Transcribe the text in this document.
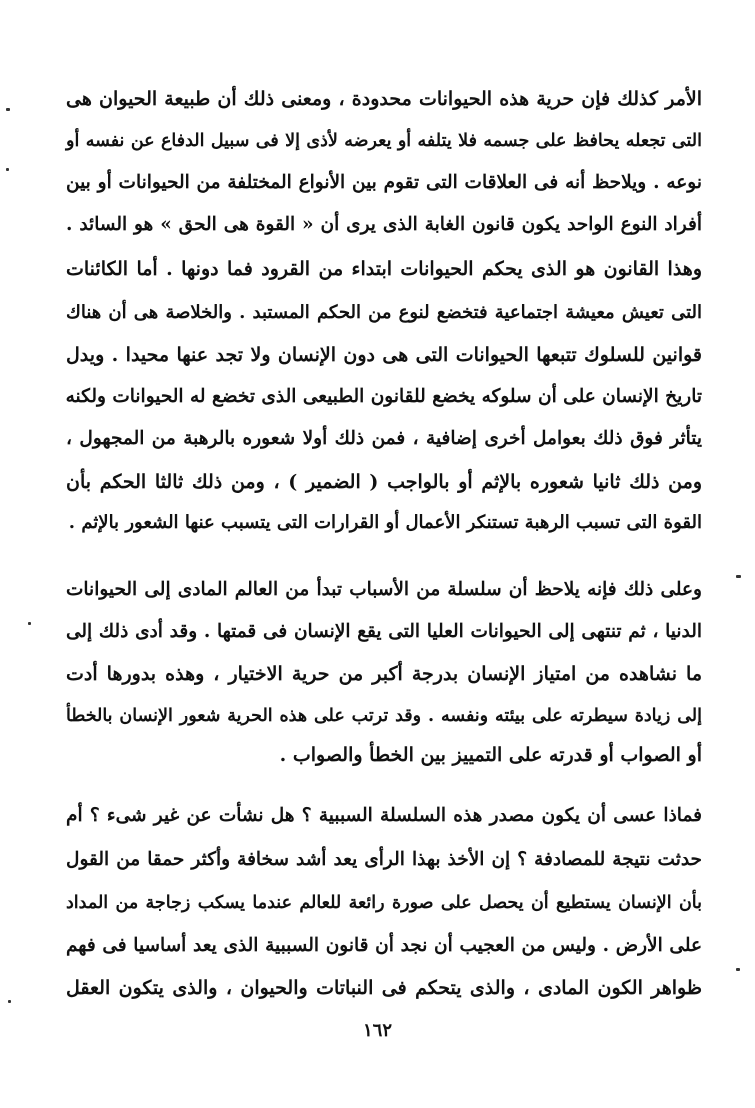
الأمر كذلك فإن حرية هذه الحيوانات محدودة ، ومعنى ذلك أن طبيعة الحيوان هى
التى تجعله يحافظ على جسمه فلا يتلفه أو يعرضه لأذى إلا فى سبيل الدفاع عن نفسه أو
نوعه . ويلاحظ أنه فى العلاقات التى تقوم بين الأنواع المختلفة من الحيوانات أو بين
أفراد النوع الواحد يكون قانون الغابة الذى يرى أن « القوة هى الحق » هو السائد .
وهذا القانون هو الذى يحكم الحيوانات ابتداء من القرود فما دونها . أما الكائنات
التى تعيش معيشة اجتماعية فتخضع لنوع من الحكم المستبد . والخلاصة هى أن هناك
قوانين للسلوك تتبعها الحيوانات التى هى دون الإنسان ولا تجد عنها محيدا . ويدل
تاريخ الإنسان على أن سلوكه يخضع للقانون الطبيعى الذى تخضع له الحيوانات ولكنه
يتأثر فوق ذلك بعوامل أخرى إضافية ، فمن ذلك أولا شعوره بالرهبة من المجهول ،
ومن ذلك ثانيا شعوره بالإثم أو بالواجب ( الضمير ) ، ومن ذلك ثالثا الحكم بأن
القوة التى تسبب الرهبة تستنكر الأعمال أو القرارات التى يتسبب عنها الشعور بالإثم .
وعلى ذلك فإنه يلاحظ أن سلسلة من الأسباب تبدأ من العالم المادى إلى الحيوانات
الدنيا ، ثم تنتهى إلى الحيوانات العليا التى يقع الإنسان فى قمتها . وقد أدى ذلك إلى
ما نشاهده من امتياز الإنسان بدرجة أكبر من حرية الاختيار ، وهذه بدورها أدت
إلى زيادة سيطرته على بيئته ونفسه . وقد ترتب على هذه الحرية شعور الإنسان بالخطأ
أو الصواب أو قدرته على التمييز بين الخطأ والصواب .
فماذا عسى أن يكون مصدر هذه السلسلة السببية ؟ هل نشأت عن غير شىء ؟ أم
حدثت نتيجة للمصادفة ؟ إن الأخذ بهذا الرأى يعد أشد سخافة وأكثر حمقا من القول
بأن الإنسان يستطيع أن يحصل على صورة رائعة للعالم عندما يسكب زجاجة من المداد
على الأرض . وليس من العجيب أن نجد أن قانون السببية الذى يعد أساسيا فى فهم
ظواهر الكون المادى ، والذى يتحكم فى النباتات والحيوان ، والذى يتكون العقل
١٦٢
